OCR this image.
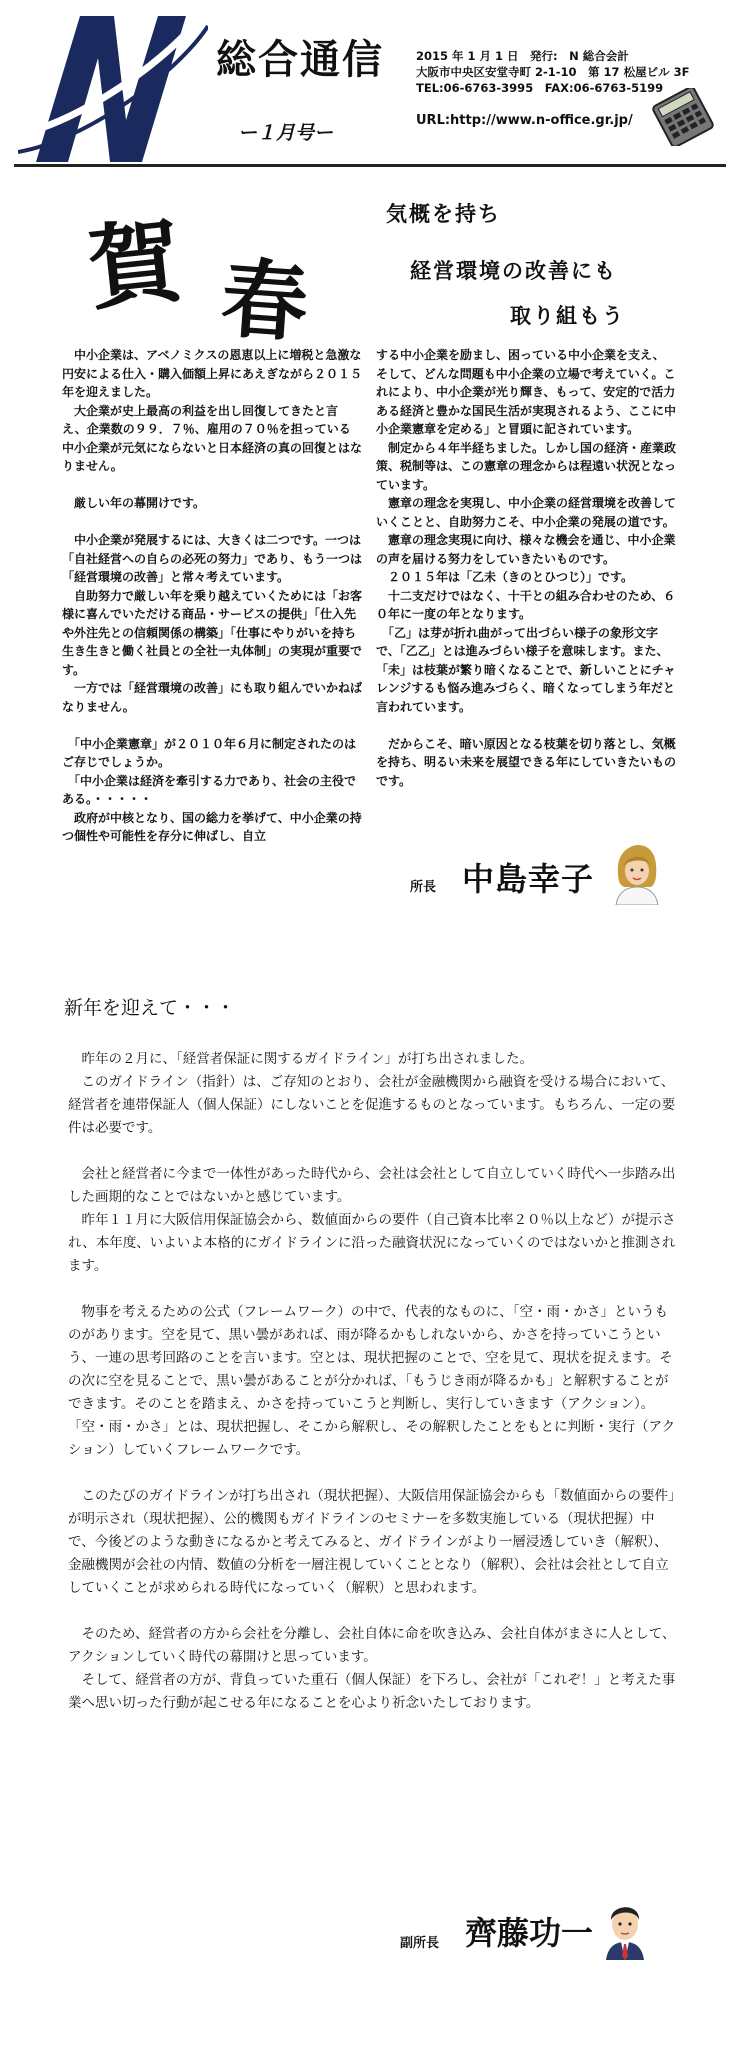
総合通信
ー１月号ー
2015 年 1 月 1 日　発行:　N 総合会計
大阪市中央区安堂寺町 2-1-10　第 17 松屋ビル 3F
TEL:06-6763-3995　FAX:06-6763-5199
URL:http://www.n-office.gr.jp/
賀 春
気概を持ち
経営環境の改善にも
取り組もう

　中小企業は、アベノミクスの恩恵以上に増税と急激な円安による仕入・購入価額上昇にあえぎながら２０１５年を迎えました。

　大企業が史上最高の利益を出し回復してきたと言え、企業数の９９．７％、雇用の７０％を担っている中小企業が元気にならないと日本経済の真の回復とはなりません。

　厳しい年の幕開けです。

　中小企業が発展するには、大きくは二つです。一つは「自社経営への自らの必死の努力」であり、もう一つは「経営環境の改善」と常々考えています。

　自助努力で厳しい年を乗り越えていくためには「お客様に喜んでいただける商品・サービスの提供」「仕入先や外注先との信頼関係の構築」「仕事にやりがいを持ち生き生きと働く社員との全社一丸体制」の実現が重要です。

　一方では「経営環境の改善」にも取り組んでいかねばなりません。

　「中小企業憲章」が２０１０年６月に制定されたのはご存じでしょうか。

　「中小企業は経済を牽引する力であり、社会の主役である。・・・・・

　政府が中核となり、国の総力を挙げて、中小企業の持つ個性や可能性を存分に伸ばし、自立

する中小企業を励まし、困っている中小企業を支え、そして、どんな問題も中小企業の立場で考えていく。これにより、中小企業が光り輝き、もって、安定的で活力ある経済と豊かな国民生活が実現されるよう、ここに中小企業憲章を定める」と冒頭に記されています。

　制定から４年半経ちました。しかし国の経済・産業政策、税制等は、この憲章の理念からは程遠い状況となっています。

　憲章の理念を実現し、中小企業の経営環境を改善していくことと、自助努力こそ、中小企業の発展の道です。

　憲章の理念実現に向け、様々な機会を通じ、中小企業の声を届ける努力をしていきたいものです。

　２０１５年は「乙未（きのとひつじ）」です。

　十二支だけではなく、十干との組み合わせのため、６０年に一度の年となります。

　「乙」は芽が折れ曲がって出づらい様子の象形文字で、「乙乙」とは進みづらい様子を意味します。また、「未」は枝葉が繁り暗くなることで、新しいことにチャレンジするも悩み進みづらく、暗くなってしまう年だと言われています。

　だからこそ、暗い原因となる枝葉を切り落とし、気概を持ち、明るい未来を展望できる年にしていきたいものです。

所長 中島幸子
新年を迎えて・・・

　昨年の２月に、「経営者保証に関するガイドライン」が打ち出されました。

　このガイドライン（指針）は、ご存知のとおり、会社が金融機関から融資を受ける場合において、経営者を連帯保証人（個人保証）にしないことを促進するものとなっています。もちろん、一定の要件は必要です。

　会社と経営者に今まで一体性があった時代から、会社は会社として自立していく時代へ一歩踏み出した画期的なことではないかと感じています。

　昨年１１月に大阪信用保証協会から、数値面からの要件（自己資本比率２０％以上など）が提示され、本年度、いよいよ本格的にガイドラインに沿った融資状況になっていくのではないかと推測されます。

　物事を考えるための公式（フレームワーク）の中で、代表的なものに、「空・雨・かさ」というものがあります。空を見て、黒い曇があれば、雨が降るかもしれないから、かさを持っていこうという、一連の思考回路のことを言います。空とは、現状把握のことで、空を見て、現状を捉えます。その次に空を見ることで、黒い曇があることが分かれば、「もうじき雨が降るかも」と解釈することができます。そのことを踏まえ、かさを持っていこうと判断し、実行していきます（アクション）。「空・雨・かさ」とは、現状把握し、そこから解釈し、その解釈したことをもとに判断・実行（アクション）していくフレームワークです。

　このたびのガイドラインが打ち出され（現状把握）、大阪信用保証協会からも「数値面からの要件」が明示され（現状把握）、公的機関もガイドラインのセミナーを多数実施している（現状把握）中で、今後どのような動きになるかと考えてみると、ガイドラインがより一層浸透していき（解釈）、金融機関が会社の内情、数値の分析を一層注視していくこととなり（解釈）、会社は会社として自立していくことが求められる時代になっていく（解釈）と思われます。

　そのため、経営者の方から会社を分離し、会社自体に命を吹き込み、会社自体がまさに人として、アクションしていく時代の幕開けと思っています。

　そして、経営者の方が、背負っていた重石（個人保証）を下ろし、会社が「これぞ！」と考えた事業へ思い切った行動が起こせる年になることを心より祈念いたしております。

副所長 齊藤功一
